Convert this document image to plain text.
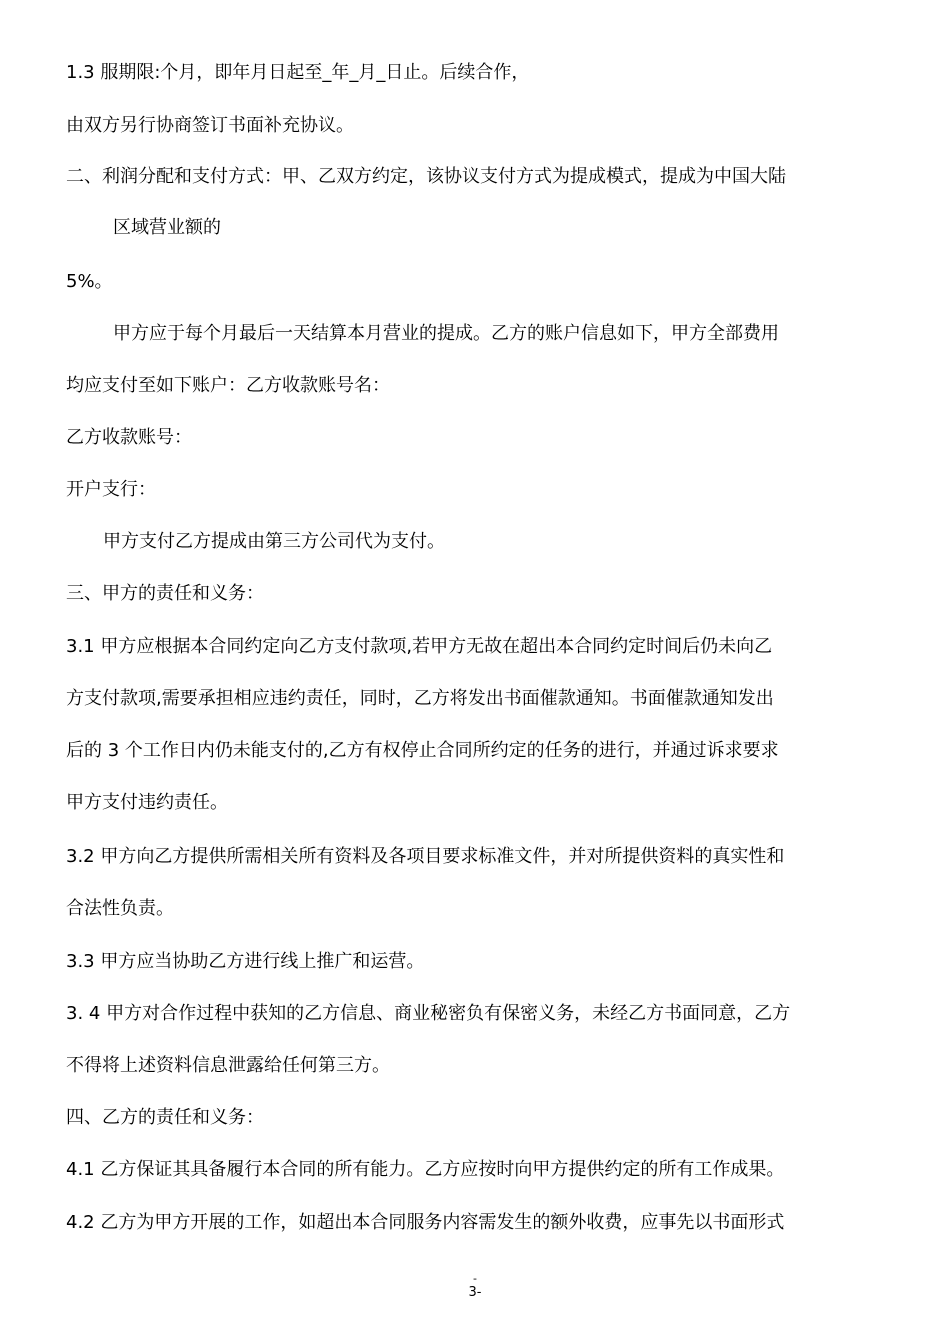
1.3 服期限:个月，即年月日起至_年_月_日止。后续合作，
由双方另行协商签订书面补充协议。
二、利润分配和支付方式：甲、乙双方约定，该协议支付方式为提成模式，提成为中国大陆
区域营业额的
5%。
甲方应于每个月最后一天结算本月营业的提成。乙方的账户信息如下，甲方全部费用
均应支付至如下账户：乙方收款账号名：
乙方收款账号：
开户支行：
甲方支付乙方提成由第三方公司代为支付。
三、甲方的责任和义务：
3.1 甲方应根据本合同约定向乙方支付款项,若甲方无故在超出本合同约定时间后仍未向乙
方支付款项,需要承担相应违约责任，同时，乙方将发出书面催款通知。书面催款通知发出
后的 3 个工作日内仍未能支付的,乙方有权停止合同所约定的任务的进行，并通过诉求要求
甲方支付违约责任。
3.2 甲方向乙方提供所需相关所有资料及各项目要求标准文件，并对所提供资料的真实性和
合法性负责。
3.3 甲方应当协助乙方进行线上推广和运营。
3. 4 甲方对合作过程中获知的乙方信息、商业秘密负有保密义务，未经乙方书面同意，乙方
不得将上述资料信息泄露给任何第三方。
四、乙方的责任和义务：
4.1 乙方保证其具备履行本合同的所有能力。乙方应按时向甲方提供约定的所有工作成果。
4.2 乙方为甲方开展的工作，如超出本合同服务内容需发生的额外收费，应事先以书面形式
-
3-
